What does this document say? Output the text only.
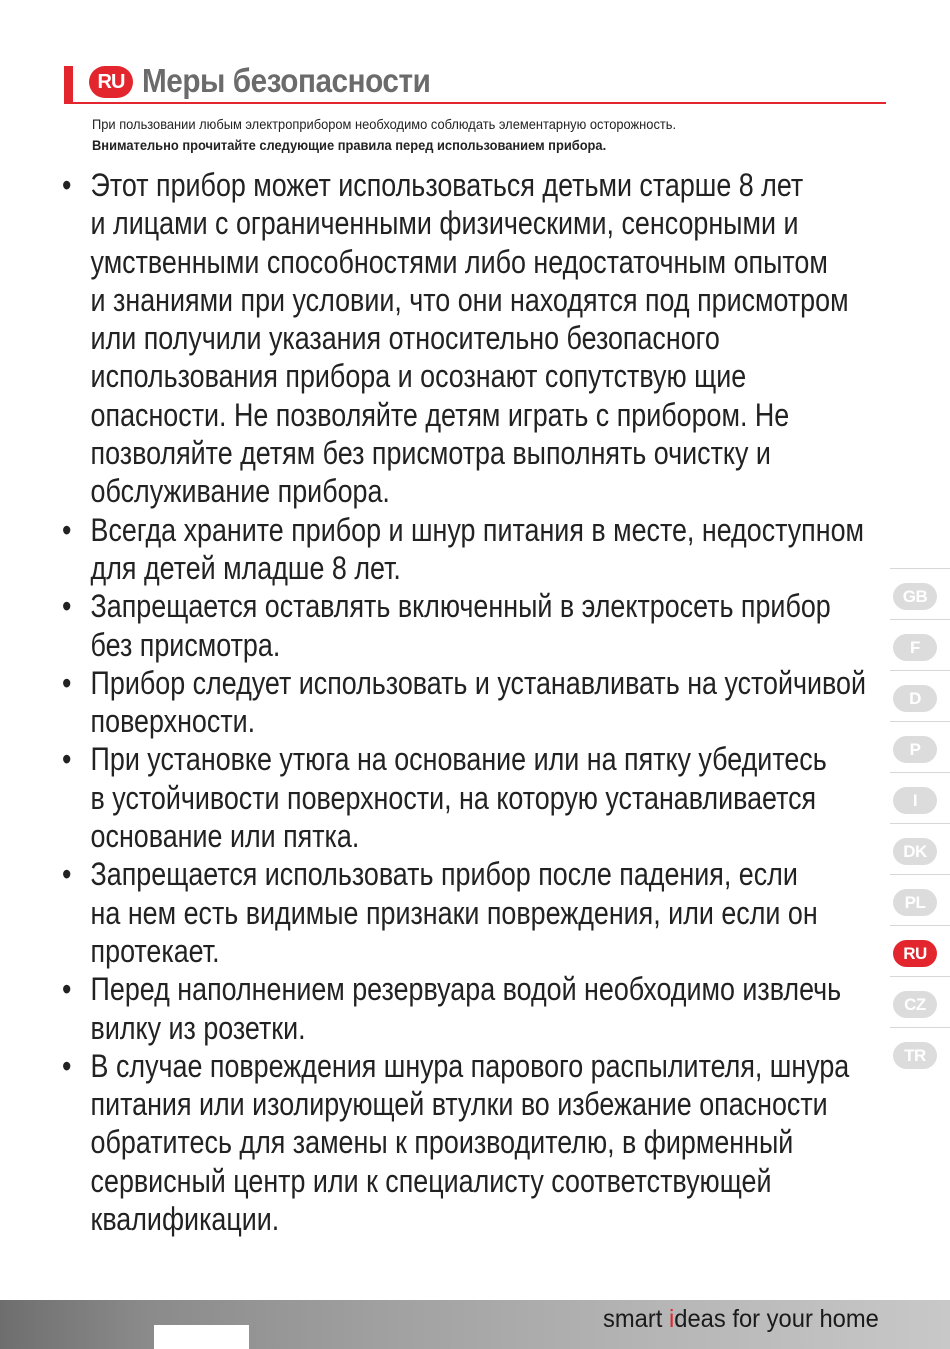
RU Меры безопасности
При пользовании любым электроприбором необходимо соблюдать элементарную осторожность.
Внимательно прочитайте следующие правила перед использованием прибора.
• Этот прибор может использоваться детьми старше 8 лет
и лицами с ограниченными физическими, сенсорными и
умственными способностями либо недостаточным опытом
и знаниями при условии, что они находятся под присмотром
или получили указания относительно безопасного
использования прибора и осознают сопутствую щие
опасности. Не позволяйте детям играть с прибором. Не
позволяйте детям без присмотра выполнять очистку и
обслуживание прибора.
• Всегда храните прибор и шнур питания в месте, недоступном
для детей младше 8 лет.
• Запрещается оставлять включенный в электросеть прибор
без присмотра.
• Прибор следует использовать и устанавливать на устойчивой
поверхности.
• При установке утюга на основание или на пятку убедитесь
в устойчивости поверхности, на которую устанавливается
основание или пятка.
• Запрещается использовать прибор после падения, если
на нем есть видимые признаки повреждения, или если он
протекает.
• Перед наполнением резервуара водой необходимо извлечь
вилку из розетки.
• В случае повреждения шнура парового распылителя, шнура
питания или изолирующей втулки во избежание опасности
обратитесь для замены к производителю, в фирменный
сервисный центр или к специалисту соответствующей
квалификации.
GB
F
D
P
I
DK
PL
RU
CZ
TR
smart ideas for your home
